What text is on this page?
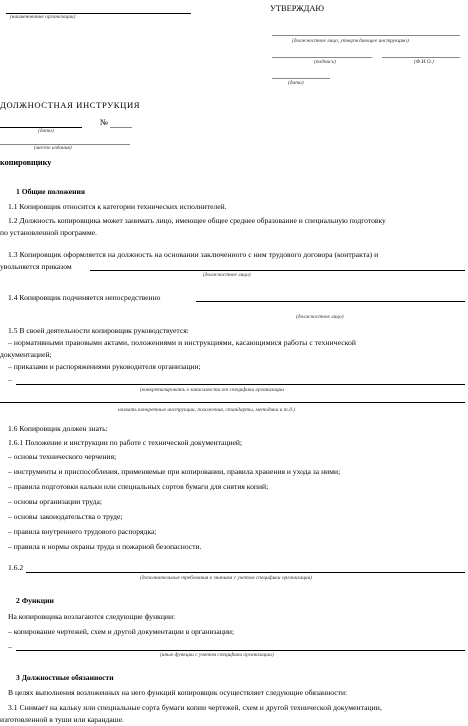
(наименование организации)
УТВЕРЖДАЮ
(должностное лицо, утверждающее инструкцию)
(подпись)	(Ф.И.О.)
(дата)
ДОЛЖНОСТНАЯ ИНСТРУКЦИЯ
№
(дата)
(место издания)
копировщику
1 Общие положения
1.1 Копировщик относится к категории технических исполнителей.
1.2 Должность копировщика может занимать лицо, имеющее общее среднее образование и специальную подготовку
по установленной программе.
1.3 Копировщик оформляется на должность на основании заключенного с ним трудового договора (контракта) и
увольняется приказом
(должностное лицо)
1.4 Копировщик подчиняется непосредственно
(должностное лицо)
1.5 В своей деятельности копировщик руководствуется:
– нормативными правовыми актами, положениями и инструкциями, касающимися работы с технической
документацией;
– приказами и распоряжениями руководителя организации;
–
(конкретизировать в зависимости от специфики организации
назвать конкретные инструкции, положения, стандарты, методики и т.д.)
1.6 Копировщик должен знать:
1.6.1 Положение и инструкции по работе с технической документацией;
– основы технического черчения;
– инструменты и приспособления, применяемые при копировании, правила хранения и ухода за ними;
– правила подготовки кальки или специальных сортов бумаги для снятия копий;
– основы организации труда;
– основы законодательства о труде;
– правила внутреннего трудового распорядка;
– правила и нормы охраны труда и пожарной безопасности.
1.6.2
(дополнительные требования к знаниям с учетом специфики организации)
2 Функции
На копировщика возлагаются следующие функции:
– копирование чертежей, схем и другой документации в организации;
–
(иные функции с учетом специфики организации)
3 Должностные обязанности
В целях выполнения возложенных на него функций копировщик осуществляет следующие обязанности:
3.1 Снимает на кальку или специальные сорта бумаги копии чертежей, схем и другой технической документации,
изготовленной в туши или карандаше.
